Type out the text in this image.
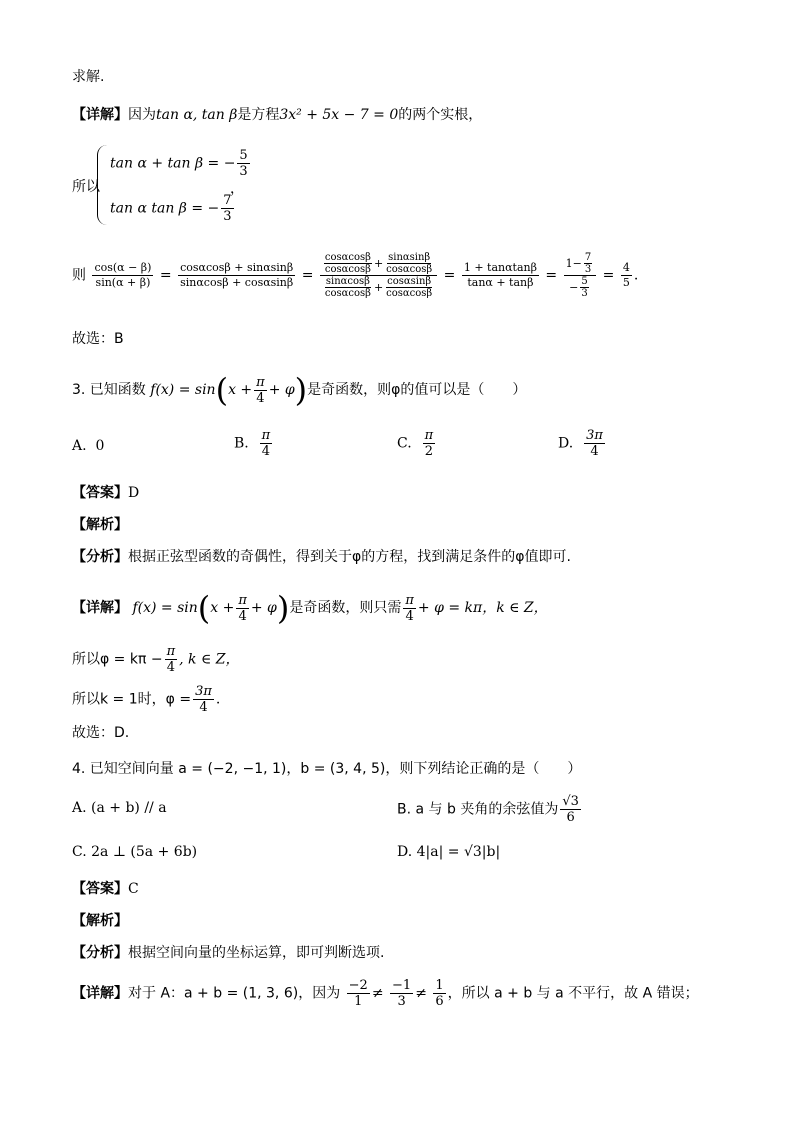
求解.
【详解】因为tan α, tan β是方程3x² + 5x − 7 = 0的两个实根，
所以
tan α + tan β = − $\frac{5}{3}$
tan α tan β = − $\frac{7}{3}$
，
则 $\frac{\cos(\alpha - \beta)}{\sin(\alpha + \beta)} = \frac{\cos\alpha\cos\beta + \sin\alpha\sin\beta}{\sin\alpha\cos\beta + \cos\alpha\sin\beta} = \frac{\frac{\cos\alpha\cos\beta}{\cos\alpha\cos\beta} + \frac{\sin\alpha\sin\beta}{\cos\alpha\cos\beta}}{\frac{\sin\alpha\cos\beta}{\cos\alpha\cos\beta} + \frac{\cos\alpha\sin\beta}{\cos\alpha\cos\beta}} = \frac{1 + \tan\alpha\tan\beta}{\tan\alpha + \tan\beta} = \frac{1- \frac{7}{3}}{- \frac{5}{3}} = \frac{4}{5}$ .
故选：B
3. 已知函数 $f(x) = \sin(x + \frac{\pi}{4} + \varphi)$是奇函数，则φ的值可以是（　　）
A. 0	B. $\frac{\pi}{4}$	C. $\frac{\pi}{2}$	D. $\frac{3\pi}{4}$
【答案】D
【解析】
【分析】根据正弦型函数的奇偶性，得到关于φ的方程，找到满足条件的φ值即可.
【详解】 $f(x) = \sin(x + \frac{\pi}{4} + \varphi)$是奇函数，则只需 $\frac{\pi}{4} + \varphi = k\pi$，k ∈ Z，
所以$\varphi = k\pi - \frac{\pi}{4}$ , k ∈ Z，
所以k = 1时，$\varphi = \frac{3\pi}{4}$ .
故选：D.
4. 已知空间向量 a = (−2, −1, 1)，b = (3, 4, 5)，则下列结论正确的是（　　）
A. (a + b) // a	B. a 与 b 夹角的余弦值为 $\frac{√3}{6}$
C. 2a ⊥ (5a + 6b)	D. 4|a| = √3|b|
【答案】C
【解析】
【分析】根据空间向量的坐标运算，即可判断选项.
【详解】对于 A：a + b = (1, 3, 6)，因为 $\frac{-2}{1} \ne \frac{-1}{3} \ne \frac{1}{6}$ ，所以 a + b 与 a 不平行，故 A 错误；
